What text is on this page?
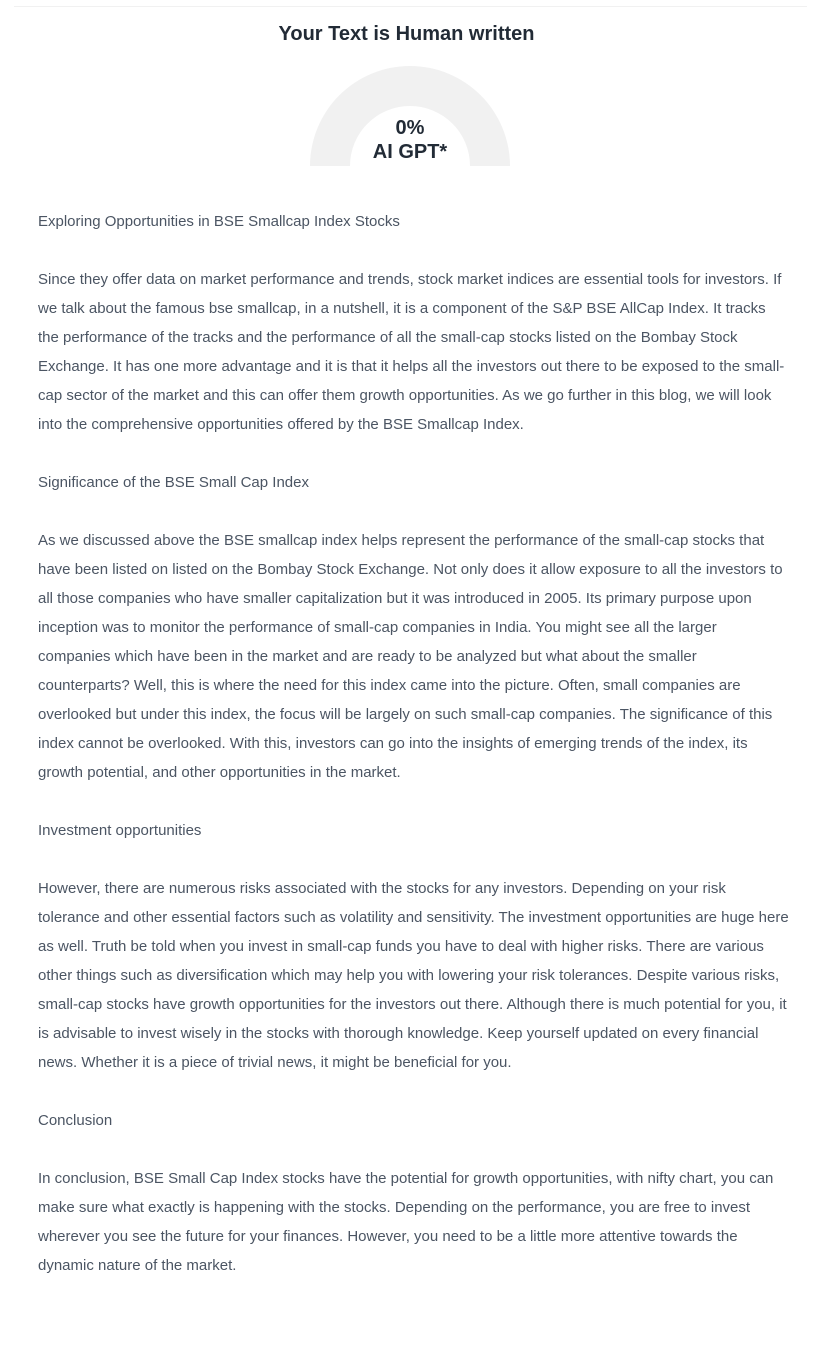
Your Text is Human written
0%
AI GPT*

Exploring Opportunities in BSE Smallcap Index Stocks

Since they offer data on market performance and trends, stock market indices are essential tools for investors. If we talk about the famous bse smallcap, in a nutshell, it is a component of the S&P BSE AllCap Index. It tracks the performance of the tracks and the performance of all the small-cap stocks listed on the Bombay Stock Exchange. It has one more advantage and it is that it helps all the investors out there to be exposed to the small-cap sector of the market and this can offer them growth opportunities. As we go further in this blog, we will look into the comprehensive opportunities offered by the BSE Smallcap Index.

Significance of the BSE Small Cap Index

As we discussed above the BSE smallcap index helps represent the performance of the small-cap stocks that have been listed on listed on the Bombay Stock Exchange. Not only does it allow exposure to all the investors to all those companies who have smaller capitalization but it was introduced in 2005. Its primary purpose upon inception was to monitor the performance of small-cap companies in India. You might see all the larger companies which have been in the market and are ready to be analyzed but what about the smaller counterparts? Well, this is where the need for this index came into the picture. Often, small companies are overlooked but under this index, the focus will be largely on such small-cap companies. The significance of this index cannot be overlooked. With this, investors can go into the insights of emerging trends of the index, its growth potential, and other opportunities in the market.

Investment opportunities

However, there are numerous risks associated with the stocks for any investors. Depending on your risk tolerance and other essential factors such as volatility and sensitivity. The investment opportunities are huge here as well. Truth be told when you invest in small-cap funds you have to deal with higher risks. There are various other things such as diversification which may help you with lowering your risk tolerances. Despite various risks, small-cap stocks have growth opportunities for the investors out there. Although there is much potential for you, it is advisable to invest wisely in the stocks with thorough knowledge. Keep yourself updated on every financial news. Whether it is a piece of trivial news, it might be beneficial for you.

Conclusion

In conclusion, BSE Small Cap Index stocks have the potential for growth opportunities, with nifty chart, you can make sure what exactly is happening with the stocks. Depending on the performance, you are free to invest wherever you see the future for your finances. However, you need to be a little more attentive towards the dynamic nature of the market.
